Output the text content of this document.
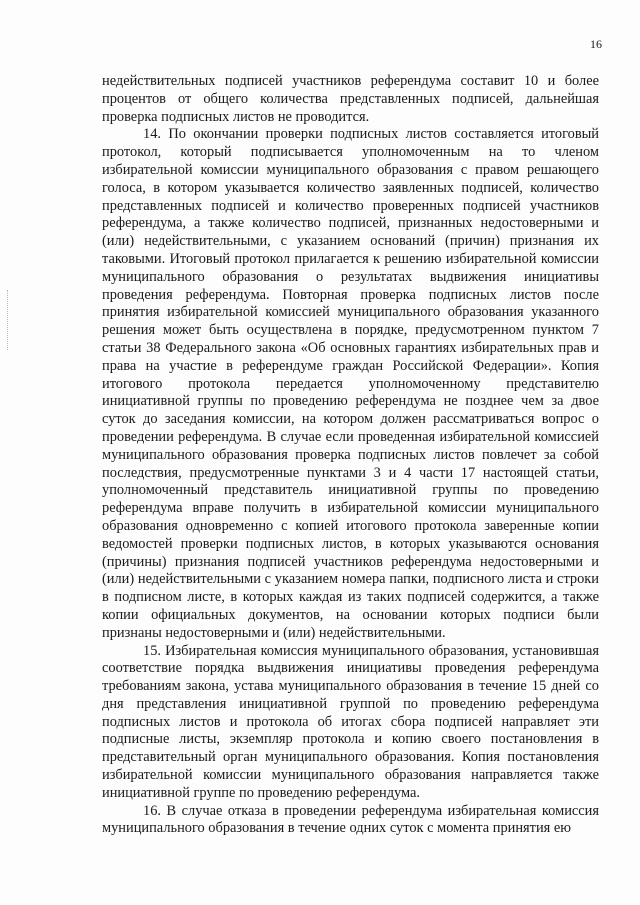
16

недействительных подписей участников референдума составит 10 и более процентов от общего количества представленных подписей, дальнейшая проверка подписных листов не проводится.

14. По окончании проверки подписных листов составляется итоговый протокол, который подписывается уполномоченным на то членом избирательной комиссии муниципального образования с правом решающего голоса, в котором указывается количество заявленных подписей, количество представленных подписей и количество проверенных подписей участников референдума, а также количество подписей, признанных недостоверными и (или) недействительными, с указанием оснований (причин) признания их таковыми. Итоговый протокол прилагается к решению избирательной комиссии муниципального образования о результатах выдвижения инициативы проведения референдума. Повторная проверка подписных листов после принятия избирательной комиссией муниципального образования указанного решения может быть осуществлена в порядке, предусмотренном пунктом 7 статьи 38 Федерального закона «Об основных гарантиях избирательных прав и права на участие в референдуме граждан Российской Федерации». Копия итогового протокола передается уполномоченному представителю инициативной группы по проведению референдума не позднее чем за двое суток до заседания комиссии, на котором должен рассматриваться вопрос о проведении референдума. В случае если проведенная избирательной комиссией муниципального образования проверка подписных листов повлечет за собой последствия, предусмотренные пунктами 3 и 4 части 17 настоящей статьи, уполномоченный представитель инициативной группы по проведению референдума вправе получить в избирательной комиссии муниципального образования одновременно с копией итогового протокола заверенные копии ведомостей проверки подписных листов, в которых указываются основания (причины) признания подписей участников референдума недостоверными и (или) недействительными с указанием номера папки, подписного листа и строки в подписном листе, в которых каждая из таких подписей содержится, а также копии официальных документов, на основании которых подписи были признаны недостоверными и (или) недействительными.

15. Избирательная комиссия муниципального образования, установившая соответствие порядка выдвижения инициативы проведения референдума требованиям закона, устава муниципального образования в течение 15 дней со дня представления инициативной группой по проведению референдума подписных листов и протокола об итогах сбора подписей направляет эти подписные листы, экземпляр протокола и копию своего постановления в представительный орган муниципального образования. Копия постановления избирательной комиссии муниципального образования направляется также инициативной группе по проведению референдума.

16. В случае отказа в проведении референдума избирательная комиссия муниципального образования в течение одних суток с момента принятия ею
